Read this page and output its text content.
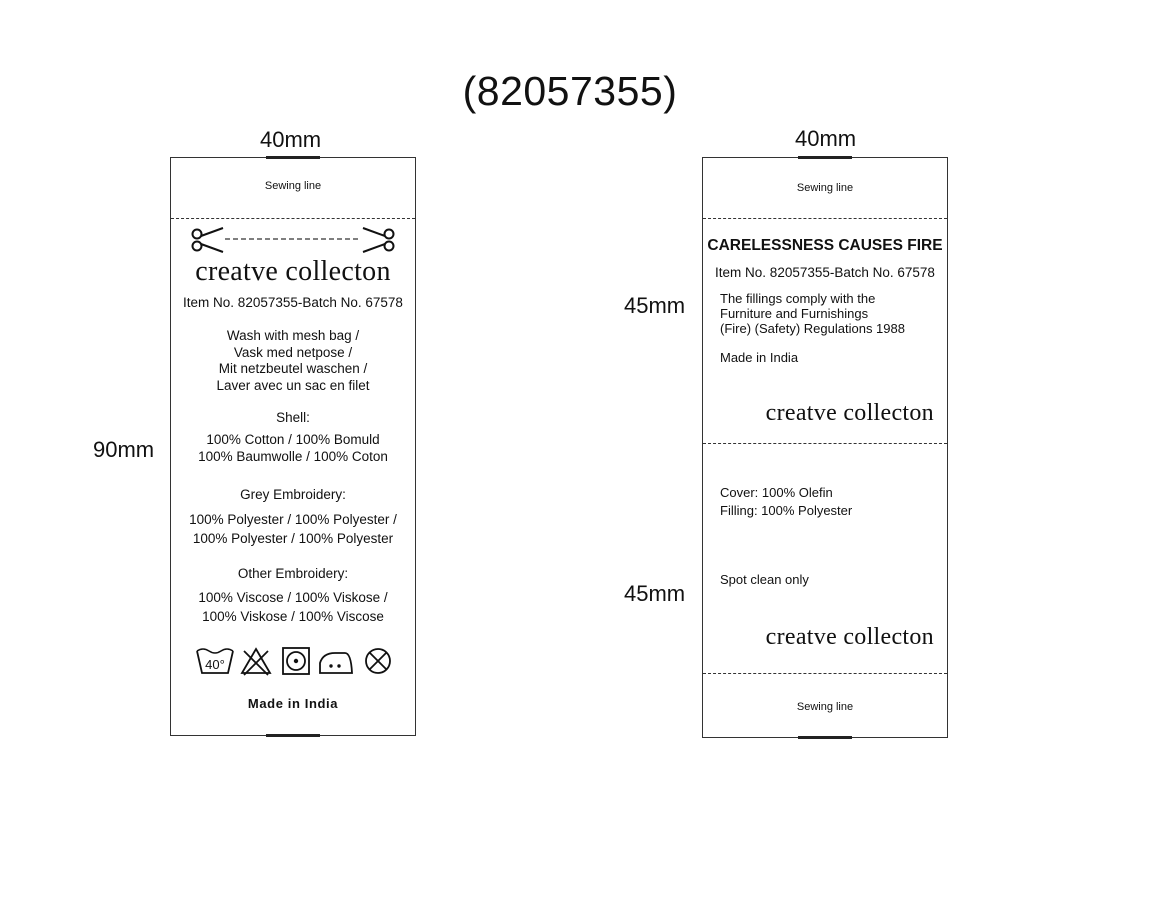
(82057355)
40mm
90mm
Sewing line
creatve collecton
Item No. 82057355-Batch No. 67578
Wash with mesh bag /
Vask med netpose /
Mit netzbeutel waschen /
Laver avec un sac en filet
Shell:
100% Cotton / 100% Bomuld
100% Baumwolle / 100% Coton
Grey Embroidery:
100% Polyester / 100% Polyester /
100% Polyester / 100% Polyester
Other Embroidery:
100% Viscose / 100% Viskose /
100% Viskose / 100% Viscose
40°
Made in India
40mm
45mm
45mm
Sewing line
CARELESSNESS CAUSES FIRE
Item No. 82057355-Batch No. 67578
The fillings comply with the
Furniture and Furnishings
(Fire) (Safety) Regulations 1988
Made in India
creatve collecton
Cover: 100% Olefin
Filling: 100% Polyester
Spot clean only
creatve collecton
Sewing line
